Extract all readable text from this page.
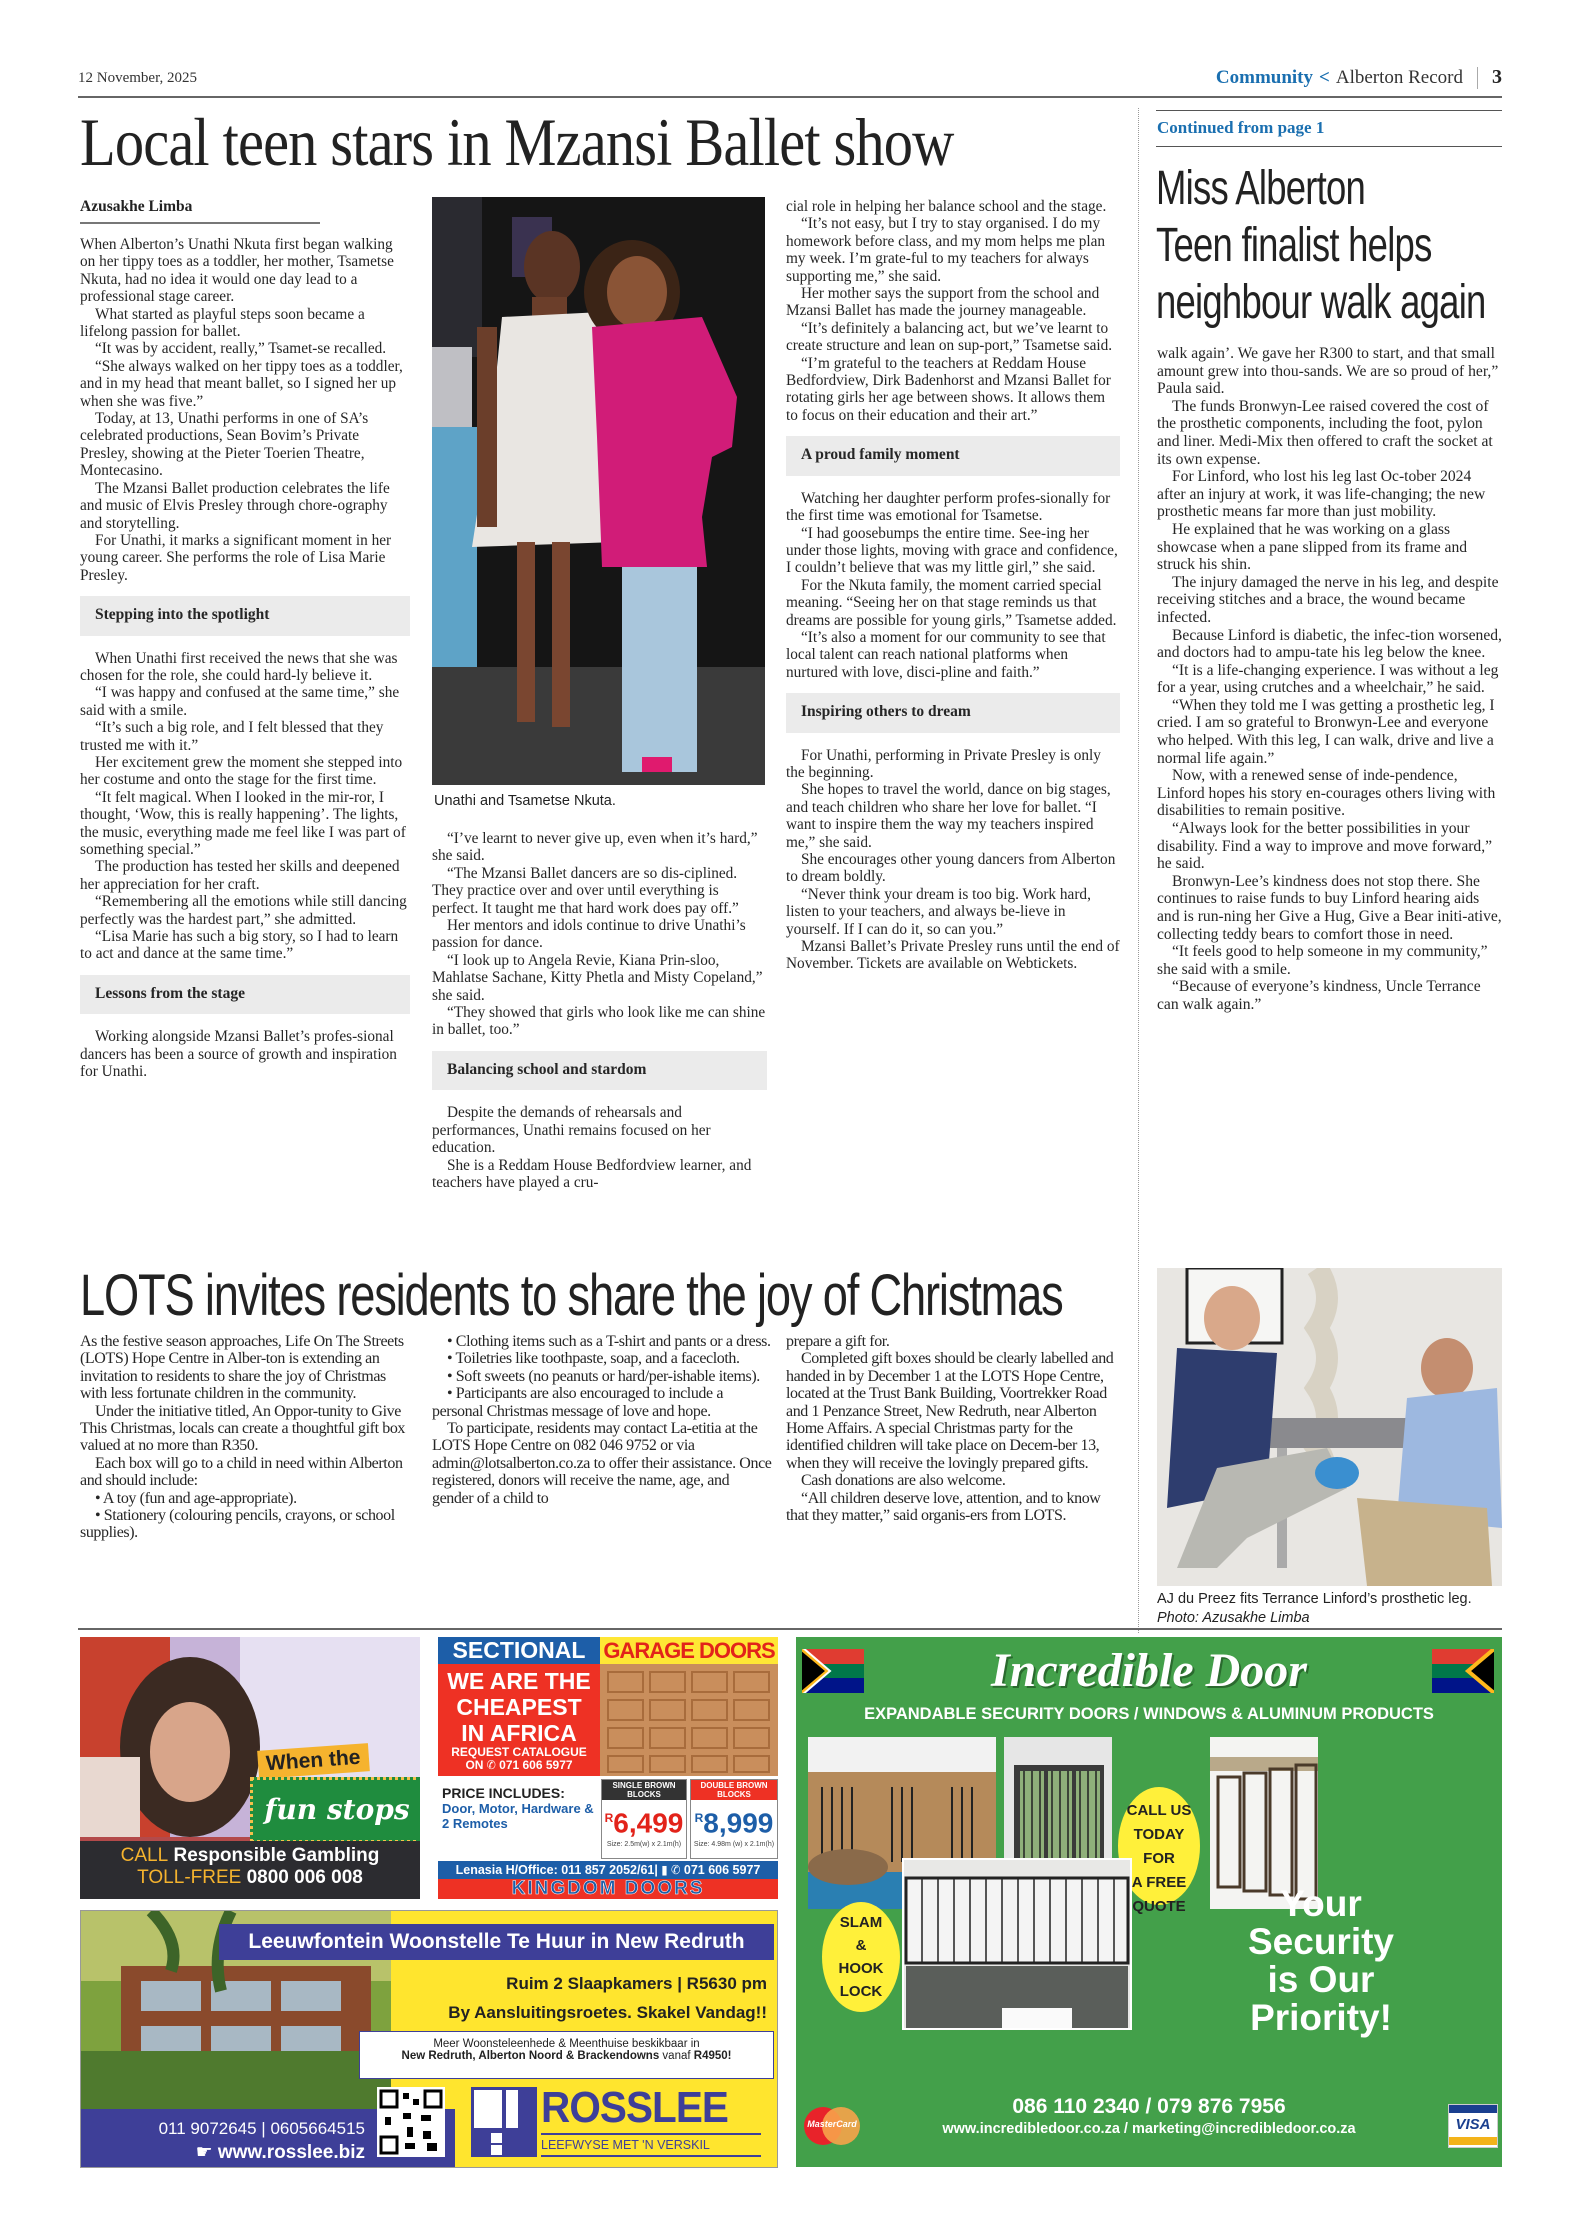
12 November, 2025	Community < Alberton Record 3
Local teen stars in Mzansi Ballet show
Azusakhe Limba

When Alberton’s Unathi Nkuta first began walking on her tippy toes as a toddler, her mother, Tsametse Nkuta, had no idea it would one day lead to a professional stage career.

What started as playful steps soon became a lifelong passion for ballet.

“It was by accident, really,” Tsamet-se recalled.

“She always walked on her tippy toes as a toddler, and in my head that meant ballet, so I signed her up when she was five.”

Today, at 13, Unathi performs in one of SA’s celebrated productions, Sean Bovim’s Private Presley, showing at the Pieter Toerien Theatre, Montecasino.

The Mzansi Ballet production celebrates the life and music of Elvis Presley through chore-ography and storytelling.

For Unathi, it marks a significant moment in her young career. She performs the role of Lisa Marie Presley.

Stepping into the spotlight

When Unathi first received the news that she was chosen for the role, she could hard-ly believe it.

“I was happy and confused at the same time,” she said with a smile.

“It’s such a big role, and I felt blessed that they trusted me with it.”

Her excitement grew the moment she stepped into her costume and onto the stage for the first time.

“It felt magical. When I looked in the mir-ror, I thought, ‘Wow, this is really happening’. The lights, the music, everything made me feel like I was part of something special.”

The production has tested her skills and deepened her appreciation for her craft.

“Remembering all the emotions while still dancing perfectly was the hardest part,” she admitted.

“Lisa Marie has such a big story, so I had to learn to act and dance at the same time.”

Lessons from the stage

Working alongside Mzansi Ballet’s profes-sional dancers has been a source of growth and inspiration for Unathi.

Unathi and Tsametse Nkuta.

“I’ve learnt to never give up, even when it’s hard,” she said.

“The Mzansi Ballet dancers are so dis-ciplined. They practice over and over until everything is perfect. It taught me that hard work does pay off.”

Her mentors and idols continue to drive Unathi’s passion for dance.

“I look up to Angela Revie, Kiana Prin-sloo, Mahlatse Sachane, Kitty Phetla and Misty Copeland,” she said.

“They showed that girls who look like me can shine in ballet, too.”

Balancing school and stardom

Despite the demands of rehearsals and performances, Unathi remains focused on her education.

She is a Reddam House Bedfordview learner, and teachers have played a cru-

cial role in helping her balance school and the stage.

“It’s not easy, but I try to stay organised. I do my homework before class, and my mom helps me plan my week. I’m grate-ful to my teachers for always supporting me,” she said.

Her mother says the support from the school and Mzansi Ballet has made the journey manageable.

“It’s definitely a balancing act, but we’ve learnt to create structure and lean on sup-port,” Tsametse said.

“I’m grateful to the teachers at Reddam House Bedfordview, Dirk Badenhorst and Mzansi Ballet for rotating girls her age between shows. It allows them to focus on their education and their art.”

A proud family moment

Watching her daughter perform profes-sionally for the first time was emotional for Tsametse.

“I had goosebumps the entire time. See-ing her under those lights, moving with grace and confidence, I couldn’t believe that was my little girl,” she said.

For the Nkuta family, the moment carried special meaning. “Seeing her on that stage reminds us that dreams are possible for young girls,” Tsametse added.

“It’s also a moment for our community to see that local talent can reach national platforms when nurtured with love, disci-pline and faith.”

Inspiring others to dream

For Unathi, performing in Private Presley is only the beginning.

She hopes to travel the world, dance on big stages, and teach children who share her love for ballet. “I want to inspire them the way my teachers inspired me,” she said.

She encourages other young dancers from Alberton to dream boldly.

“Never think your dream is too big. Work hard, listen to your teachers, and always be-lieve in yourself. If I can do it, so can you.”

Mzansi Ballet’s Private Presley runs until the end of November. Tickets are available on Webtickets.

Continued from page 1
Miss Alberton
Teen finalist helps
neighbour walk again

walk again’. We gave her R300 to start, and that small amount grew into thou-sands. We are so proud of her,” Paula said.

The funds Bronwyn-Lee raised covered the cost of the prosthetic components, including the foot, pylon and liner. Medi-Mix then offered to craft the socket at its own expense.

For Linford, who lost his leg last Oc-tober 2024 after an injury at work, it was life-changing; the new prosthetic means far more than just mobility.

He explained that he was working on a glass showcase when a pane slipped from its frame and struck his shin.

The injury damaged the nerve in his leg, and despite receiving stitches and a brace, the wound became infected.

Because Linford is diabetic, the infec-tion worsened, and doctors had to ampu-tate his leg below the knee.

“It is a life-changing experience. I was without a leg for a year, using crutches and a wheelchair,” he said.

“When they told me I was getting a prosthetic leg, I cried. I am so grateful to Bronwyn-Lee and everyone who helped. With this leg, I can walk, drive and live a normal life again.”

Now, with a renewed sense of inde-pendence, Linford hopes his story en-courages others living with disabilities to remain positive.

“Always look for the better possibilities in your disability. Find a way to improve and move forward,” he said.

Bronwyn-Lee’s kindness does not stop there. She continues to raise funds to buy Linford hearing aids and is run-ning her Give a Hug, Give a Bear initi-ative, collecting teddy bears to comfort those in need.

“It feels good to help someone in my community,” she said with a smile.

“Because of everyone’s kindness, Uncle Terrance can walk again.”

AJ du Preez fits Terrance Linford’s prosthetic leg. Photo: Azusakhe Limba
LOTS invites residents to share the joy of Christmas

As the festive season approaches, Life On The Streets (LOTS) Hope Centre in Alber-ton is extending an invitation to residents to share the joy of Christmas with less fortunate children in the community.

Under the initiative titled, An Oppor-tunity to Give This Christmas, locals can create a thoughtful gift box valued at no more than R350.

Each box will go to a child in need within Alberton and should include:

• A toy (fun and age-appropriate).

• Stationery (colouring pencils, crayons, or school supplies).

• Clothing items such as a T-shirt and pants or a dress.

• Toiletries like toothpaste, soap, and a facecloth.

• Soft sweets (no peanuts or hard/per-ishable items).

• Participants are also encouraged to include a personal Christmas message of love and hope.

To participate, residents may contact La-etitia at the LOTS Hope Centre on 082 046 9752 or via admin@lotsalberton.co.za to offer their assistance. Once registered, donors will receive the name, age, and gender of a child to

prepare a gift for.

Completed gift boxes should be clearly labelled and handed in by December 1 at the LOTS Hope Centre, located at the Trust Bank Building, Voortrekker Road and 1 Penzance Street, New Redruth, near Alberton Home Affairs. A special Christmas party for the identified children will take place on Decem-ber 13, when they will receive the lovingly prepared gifts.

Cash donations are also welcome.

“All children deserve love, attention, and to know that they matter,” said organis-ers from LOTS.

When the
fun stops
CALL Responsible Gambling
TOLL-FREE 0800 006 008
SECTIONAL GARAGE DOORS
WE ARE THE
CHEAPEST
IN AFRICA
REQUEST CATALOGUE
ON ✆ 071 606 5977
PRICE INCLUDES:
Door, Motor, Hardware & 2 Remotes
SINGLE BROWN BLOCKS
$^R$6,499
Size: 2.5m(w) x 2.1m(h)
DOUBLE BROWN BLOCKS
$^R$8,999
Size: 4.98m (w) x 2.1m(h)
Lenasia H/Office: 011 857 2052/61| ▮ ✆ 071 606 5977
KINGDOM DOORS
Leeuwfontein Woonstelle Te Huur in New Redruth
Ruim 2 Slaapkamers | R5630 pm
By Aansluitingsroetes. Skakel Vandag!!
Meer Woonsteleenhede & Meenthuise beskikbaar in
New Redruth, Alberton Noord & Brackendowns vanaf R4950!
011 9072645 | 0605664515
☛ www.rosslee.biz
ROSSLEE
LEEFWYSE MET 'N VERSKIL
Incredible Door
EXPANDABLE SECURITY DOORS / WINDOWS & ALUMINUM PRODUCTS
CALL US
TODAY FOR
A FREE
QUOTE
SLAM
&
HOOK
LOCK
Your
Security
is Our
Priority!
086 110 2340 / 079 876 7956
www.incredibledoor.co.za / marketing@incredibledoor.co.za
MasterCard	VISA
